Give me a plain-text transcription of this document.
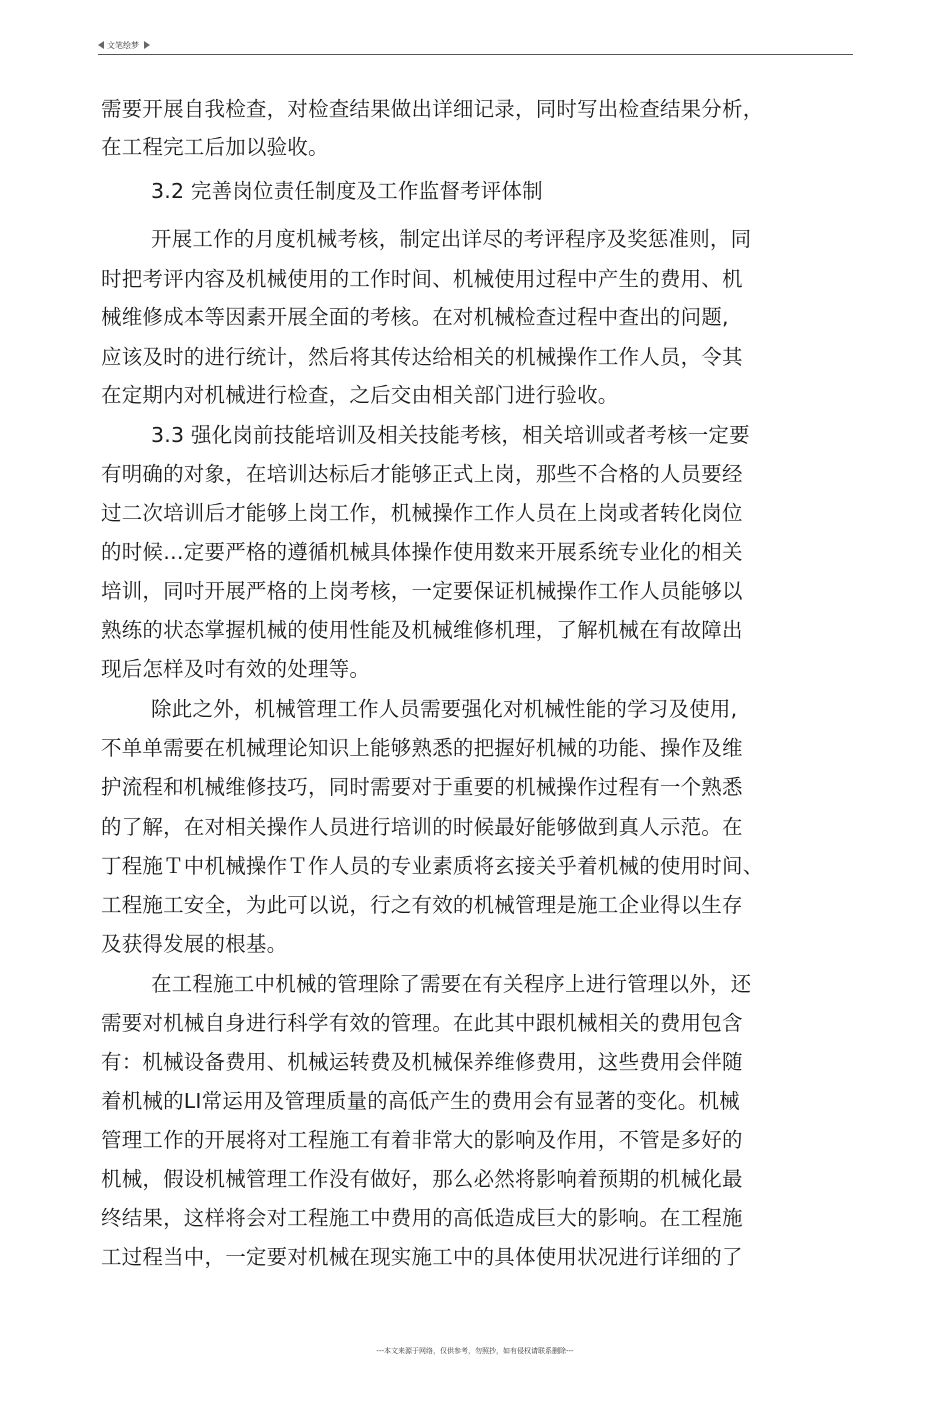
文笔绘梦
需要开展自我检查，对检查结果做出详细记录，同时写出检查结果分析，
在工程完工后加以验收。
3.2 完善岗位责任制度及工作监督考评体制
开展工作的月度机械考核，制定出详尽的考评程序及奖惩准则，同
时把考评内容及机械使用的工作时间、机械使用过程中产生的费用、机
械维修成本等因素开展全面的考核。在对机械检查过程中查出的问题,
应该及时的进行统计，然后将其传达给相关的机械操作工作人员，令其
在定期内对机械进行检查，之后交由相关部门进行验收。
3.3 强化岗前技能培训及相关技能考核，相关培训或者考核一定要
有明确的对象，在培训达标后才能够正式上岗，那些不合格的人员要经
过二次培训后才能够上岗工作，机械操作工作人员在上岗或者转化岗位
的时候…定要严格的遵循机械具体操作使用数来开展系统专业化的相关
培训，同吋开展严格的上岗考核，一定要保证机械操作工作人员能够以
熟练的状态掌握机械的使用性能及机械维修机理，了解机械在有故障出
现后怎样及吋有效的处理等。
除此之外，机械管理工作人员需要强化对机械性能的学习及使用,
不单单需要在机械理论知识上能够熟悉的把握好机械的功能、操作及维
护流程和机械维修技巧，同时需要对于重要的机械操作过程有一个熟悉
的了解，在对相关操作人员进行培训的时候最好能够做到真人示范。在
丁程施Ｔ中机械操作Ｔ作人员的专业素质将玄接关乎着机械的使用时间、
工程施工安全，为此可以说，行之有效的机械管理是施工企业得以生存
及获得发展的根基。
在工程施工中机械的管理除了需要在有关程序上进行管理以外，还
需要对机械自身进行科学有效的管理。在此其中跟机械相关的费用包含
有：机械设备费用、机械运转费及机械保养维修费用，这些费用会伴随
着机械的LI常运用及管理质量的高低产生的费用会有显著的变化。机械
管理工作的开展将对工程施工有着非常大的影响及作用，不管是多好的
机械，假设机械管理工作没有做好，那么必然将影响着预期的机械化最
终结果，这样将会对工程施工中费用的高低造成巨大的影响。在工程施
工过程当中，一定要对机械在现实施工中的具体使用状况进行详细的了
---本文来源于网络，仅供参考，勿照抄，如有侵权请联系删除---
